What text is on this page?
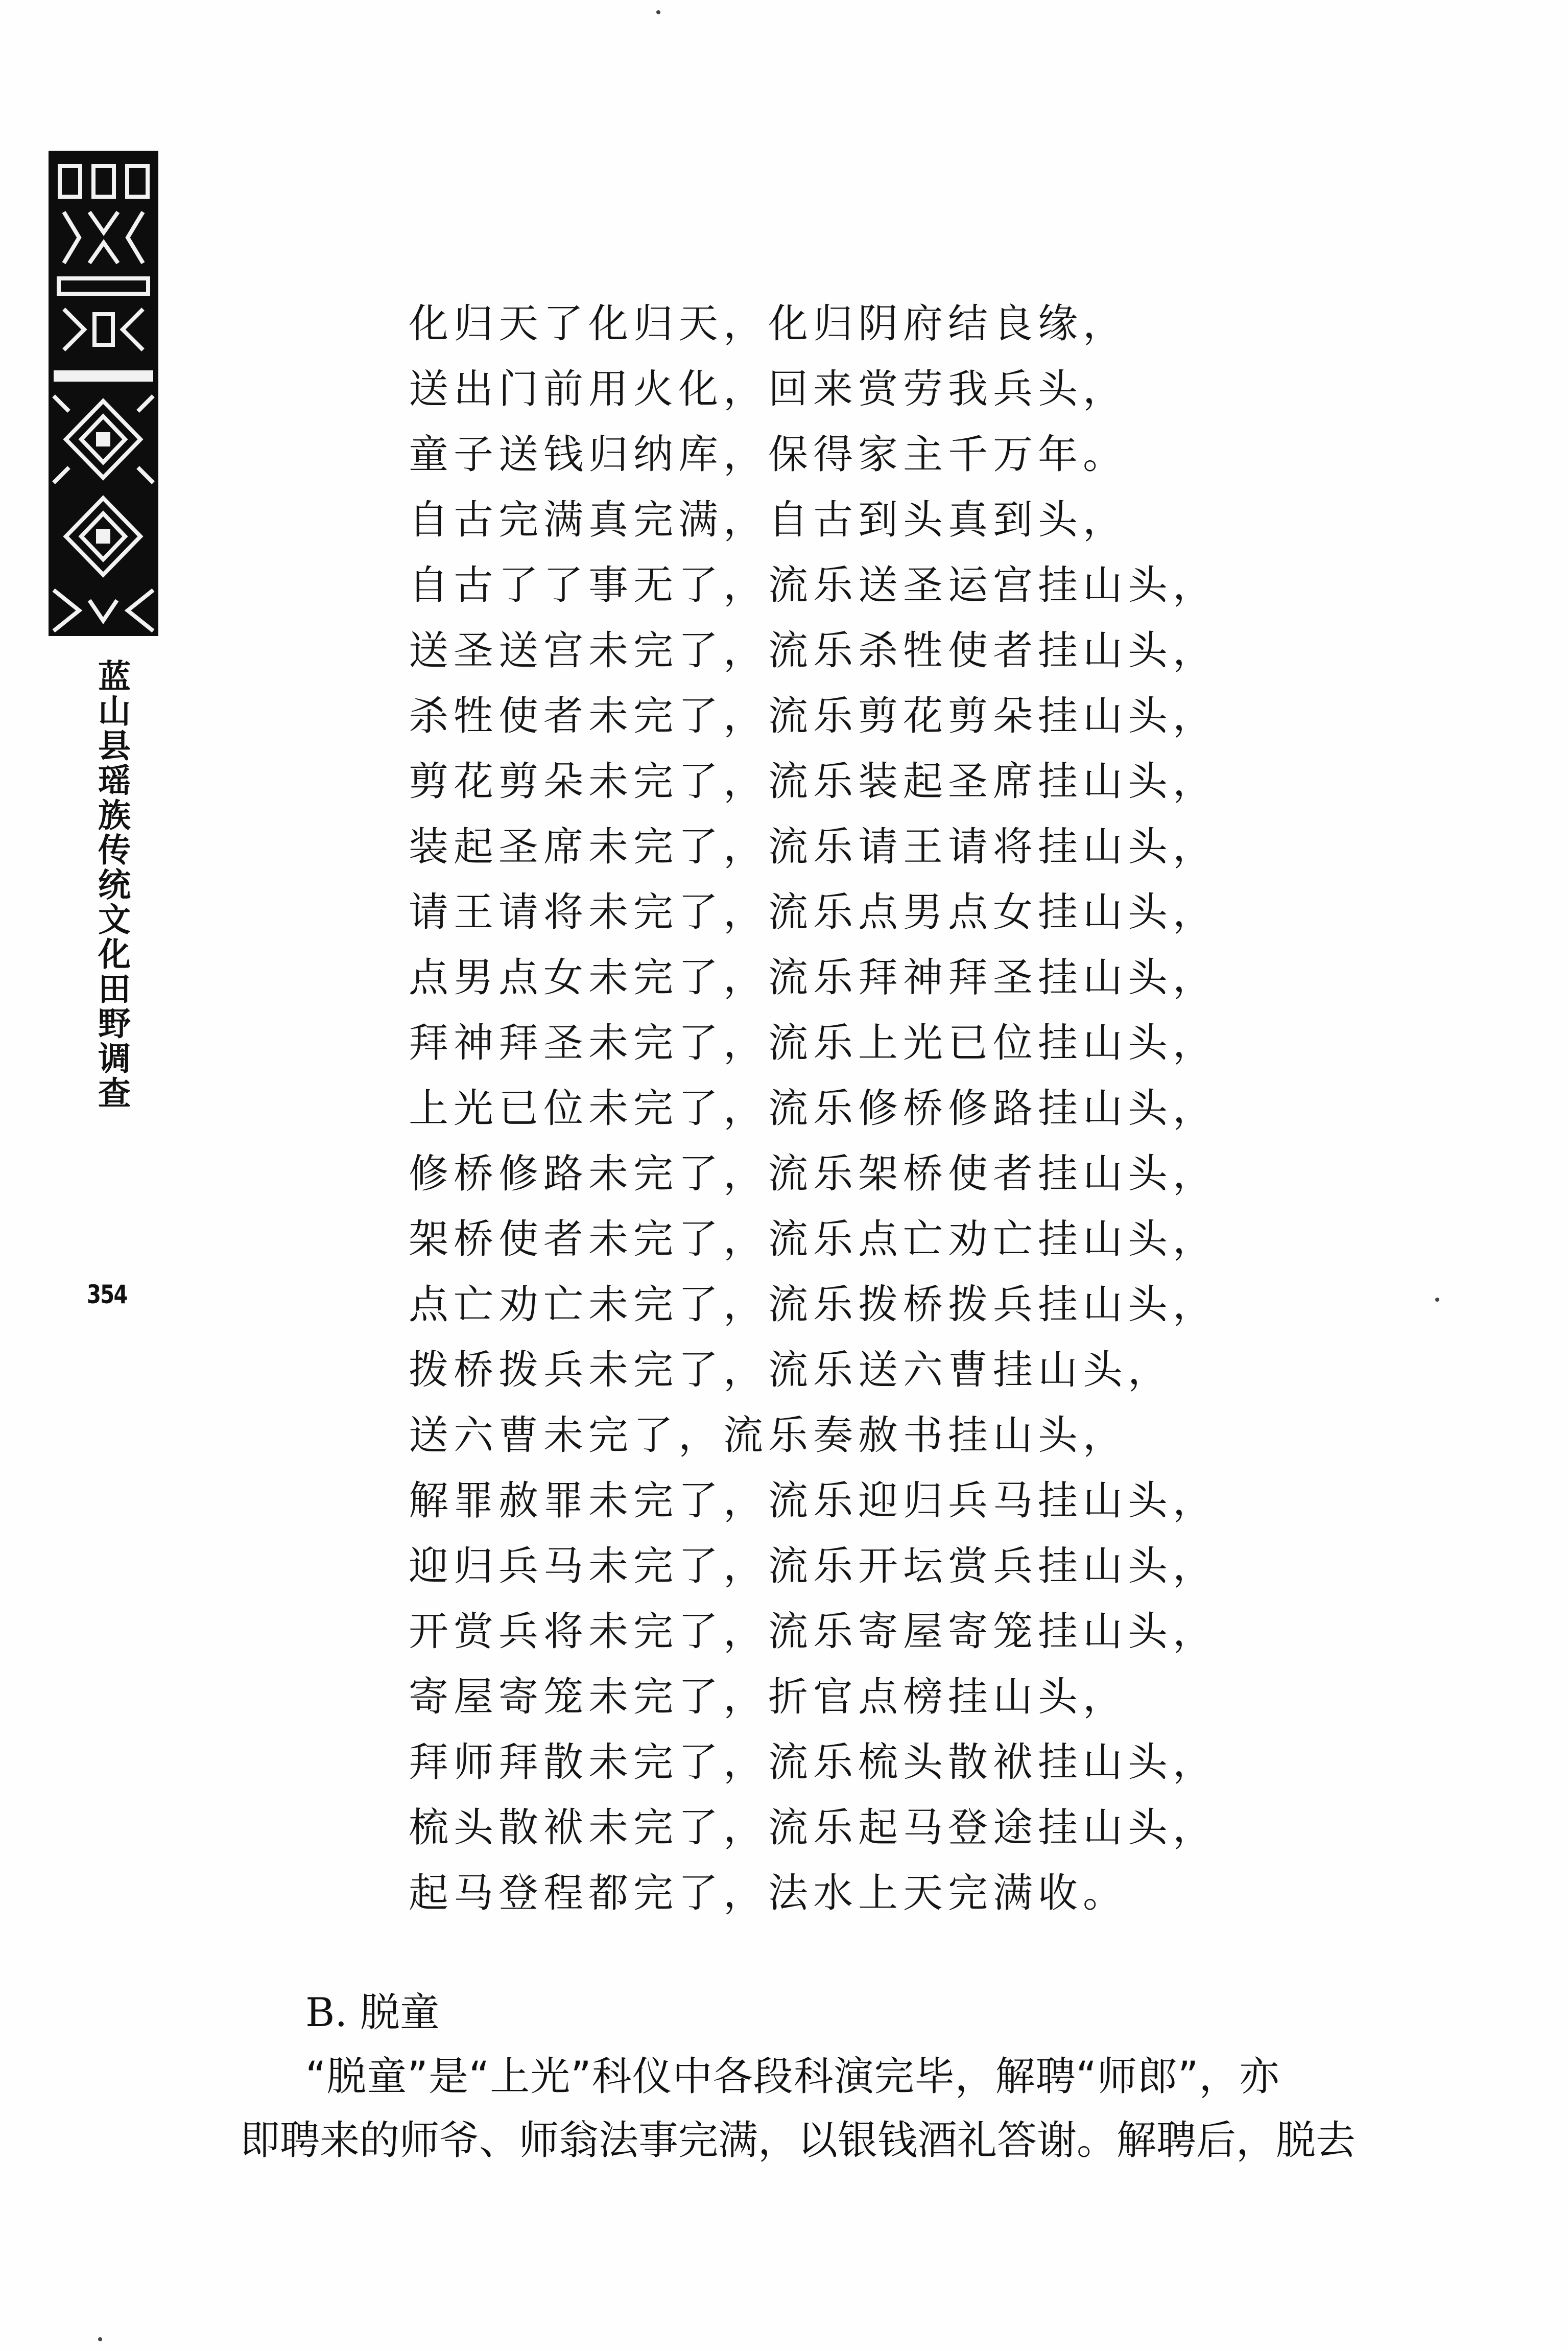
蓝山县瑶族传统文化田野调查
354
化归天了化归天，化归阴府结良缘，
送出门前用火化，回来赏劳我兵头，
童子送钱归纳库，保得家主千万年。
自古完满真完满，自古到头真到头，
自古了了事无了，流乐送圣运宫挂山头，
送圣送宫未完了，流乐杀牲使者挂山头，
杀牲使者未完了，流乐剪花剪朵挂山头，
剪花剪朵未完了，流乐装起圣席挂山头，
装起圣席未完了，流乐请王请将挂山头，
请王请将未完了，流乐点男点女挂山头，
点男点女未完了，流乐拜神拜圣挂山头，
拜神拜圣未完了，流乐上光已位挂山头，
上光已位未完了，流乐修桥修路挂山头，
修桥修路未完了，流乐架桥使者挂山头，
架桥使者未完了，流乐点亡劝亡挂山头，
点亡劝亡未完了，流乐拨桥拨兵挂山头，
拨桥拨兵未完了，流乐送六曹挂山头，
送六曹未完了，流乐奏赦书挂山头，
解罪赦罪未完了，流乐迎归兵马挂山头，
迎归兵马未完了，流乐开坛赏兵挂山头，
开赏兵将未完了，流乐寄屋寄笼挂山头，
寄屋寄笼未完了，折官点榜挂山头，
拜师拜散未完了，流乐梳头散袱挂山头，
梳头散袱未完了，流乐起马登途挂山头，
起马登程都完了，法水上天完满收。
B. 脱童
“脱童”是“上光”科仪中各段科演完毕，解聘“师郎”，亦
即聘来的师爷、师翁法事完满，以银钱酒礼答谢。解聘后，脱去
